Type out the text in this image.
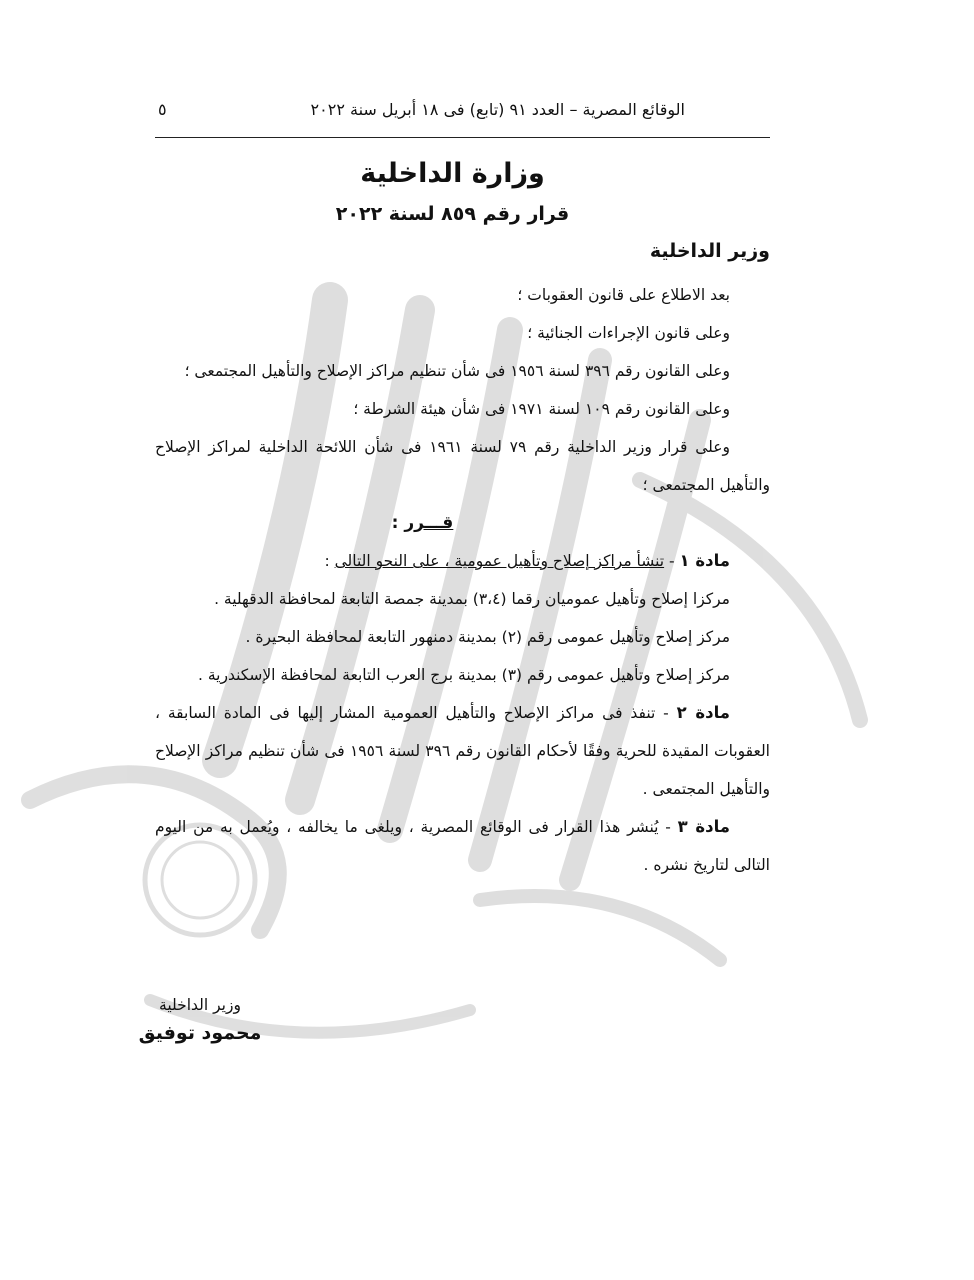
الوقائع المصرية – العدد ٩١ (تابع) فى ١٨ أبريل سنة ٢٠٢٢
٥
وزارة الداخلية
قرار رقم ٨٥٩ لسنة ٢٠٢٢
وزير الداخلية
بعد الاطلاع على قانون العقوبات ؛
وعلى قانون الإجراءات الجنائية ؛
وعلى القانون رقم ٣٩٦ لسنة ١٩٥٦ فى شأن تنظيم مراكز الإصلاح والتأهيل المجتمعى ؛
وعلى القانون رقم ١٠٩ لسنة ١٩٧١ فى شأن هيئة الشرطة ؛
وعلى قرار وزير الداخلية رقم ٧٩ لسنة ١٩٦١ فى شأن اللائحة الداخلية لمراكز الإصلاح والتأهيل المجتمعى ؛
قـــرر :
مادة ١ - تنشأ مراكز إصلاح وتأهيل عمومية ، على النحو التالى :
مركزا إصلاح وتأهيل عموميان رقما (٣،٤) بمدينة جمصة التابعة لمحافظة الدقهلية .
مركز إصلاح وتأهيل عمومى رقم (٢) بمدينة دمنهور التابعة لمحافظة البحيرة .
مركز إصلاح وتأهيل عمومى رقم (٣) بمدينة برج العرب التابعة لمحافظة الإسكندرية .
مادة ٢ - تنفذ فى مراكز الإصلاح والتأهيل العمومية المشار إليها فى المادة السابقة ، العقوبات المقيدة للحرية وفقًا لأحكام القانون رقم ٣٩٦ لسنة ١٩٥٦ فى شأن تنظيم مراكز الإصلاح والتأهيل المجتمعى .
مادة ٣ - يُنشر هذا القرار فى الوقائع المصرية ، ويلغى ما يخالفه ، ويُعمل به من اليوم التالى لتاريخ نشره .
وزير الداخلية
محمود توفيق
